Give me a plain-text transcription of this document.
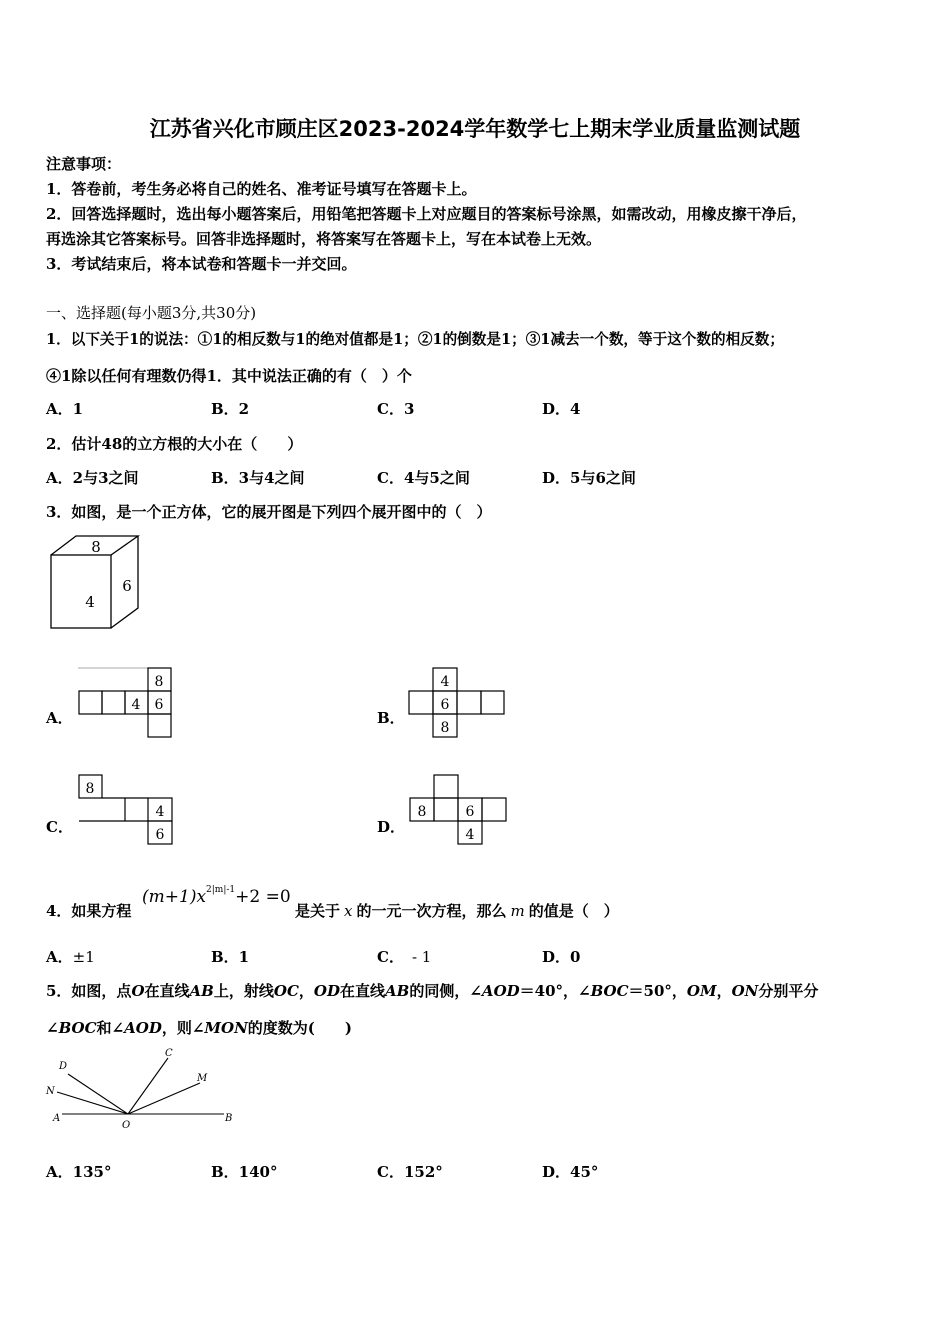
江苏省兴化市顾庄区2023-2024学年数学七上期末学业质量监测试题
注意事项：
1．答卷前，考生务必将自己的姓名、准考证号填写在答题卡上。
2．回答选择题时，选出每小题答案后，用铅笔把答题卡上对应题目的答案标号涂黑，如需改动，用橡皮擦干净后，
再选涂其它答案标号。回答非选择题时，将答案写在答题卡上，写在本试卷上无效。
3．考试结束后，将本试卷和答题卡一并交回。
一、选择题(每小题3分,共30分)
1．以下关于1的说法：①1的相反数与1的绝对值都是1；②1的倒数是1；③1减去一个数，等于这个数的相反数；
④1除以任何有理数仍得1．其中说法正确的有（　）个
A．1	B．2	C．3	D．4
2．估计48的立方根的大小在（　　）
A．2与3之间	B．3与4之间	C．4与5之间	D．5与6之间
3．如图，是一个正方体，它的展开图是下列四个展开图中的（　）
8
4
6
A．
8
4 6
B．
4
6
8
C．
8
4
6	D．
8	6
4
4．如果方程
$(m+1)x^{2|m|-1}+2 =0$
是关于 x 的一元一次方程，那么 m 的值是（　）
A．±1	B．1	C． - 1	D．0
5．如图，点O在直线AB上，射线OC，OD在直线AB的同侧，∠AOD＝40°，∠BOC＝50°，OM，ON分别平分
∠BOC和∠AOD，则∠MON的度数为(　　)
D
C
N
M
A
O
B
A．135°	B．140°	C．152°	D．45°
